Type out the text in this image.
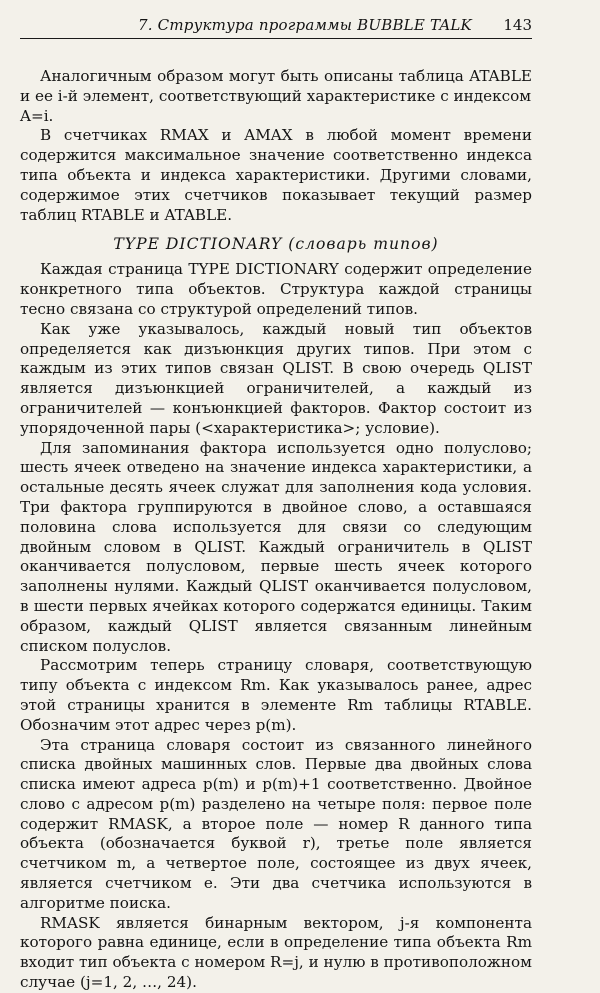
7. Структура программы BUBBLE TALK 143

Аналогичным образом могут быть описаны таблица ATABLE и ее i-й элемент, соответствующий характеристике с индексом

A=i.

В счетчиках RMAX и AMAX в любой момент времени содержится максимальное значение соответственно индекса типа объекта и индекса характеристики. Другими словами, содержимое этих счетчиков показывает текущий размер таблиц RTABLE и ATABLE.

TYPE DICTIONARY (словарь типов)

Каждая страница TYPE DICTIONARY содержит определение конкретного типа объектов. Структура каждой страницы тесно связана со структурой определений типов.

Как уже указывалось, каждый новый тип объектов определяется как дизъюнкция других типов. При этом с каждым из этих типов связан QLIST. В свою очередь QLIST является дизъюнкцией ограничителей, а каждый из ограничителей — конъюнкцией факторов. Фактор состоит из упорядоченной пары (<характеристика>; условие).

Для запоминания фактора используется одно полуслово; шесть ячеек отведено на значение индекса характеристики, а остальные десять ячеек служат для заполнения кода условия. Три фактора группируются в двойное слово, а оставшаяся половина слова используется для связи со следующим двойным словом в QLIST. Каждый ограничитель в QLIST оканчивается полусловом, первые шесть ячеек которого заполнены нулями. Каждый QLIST оканчивается полусловом, в шести первых ячейках которого содержатся единицы. Таким образом, каждый QLIST является связанным линейным списком полуслов.

Рассмотрим теперь страницу словаря, соответствующую типу объекта с индексом Rm. Как указывалось ранее, адрес этой страницы хранится в элементе Rm таблицы RTABLE. Обозначим этот адрес через p(m).

Эта страница словаря состоит из связанного линейного списка двойных машинных слов. Первые два двойных слова списка имеют адреса p(m) и p(m)+1 соответственно. Двойное слово с адресом p(m) разделено на четыре поля: первое поле содержит RMASK, а второе поле — номер R данного типа объекта (обозначается буквой r), третье поле является счетчиком m, а четвертое поле, состоящее из двух ячеек, является счетчиком e. Эти два счетчика используются в алгоритме поиска.

RMASK является бинарным вектором, j-я компонента которого равна единице, если в определение типа объекта Rm входит тип объекта с номером R=j, и нулю в противоположном случае (j=1, 2, …, 24).
